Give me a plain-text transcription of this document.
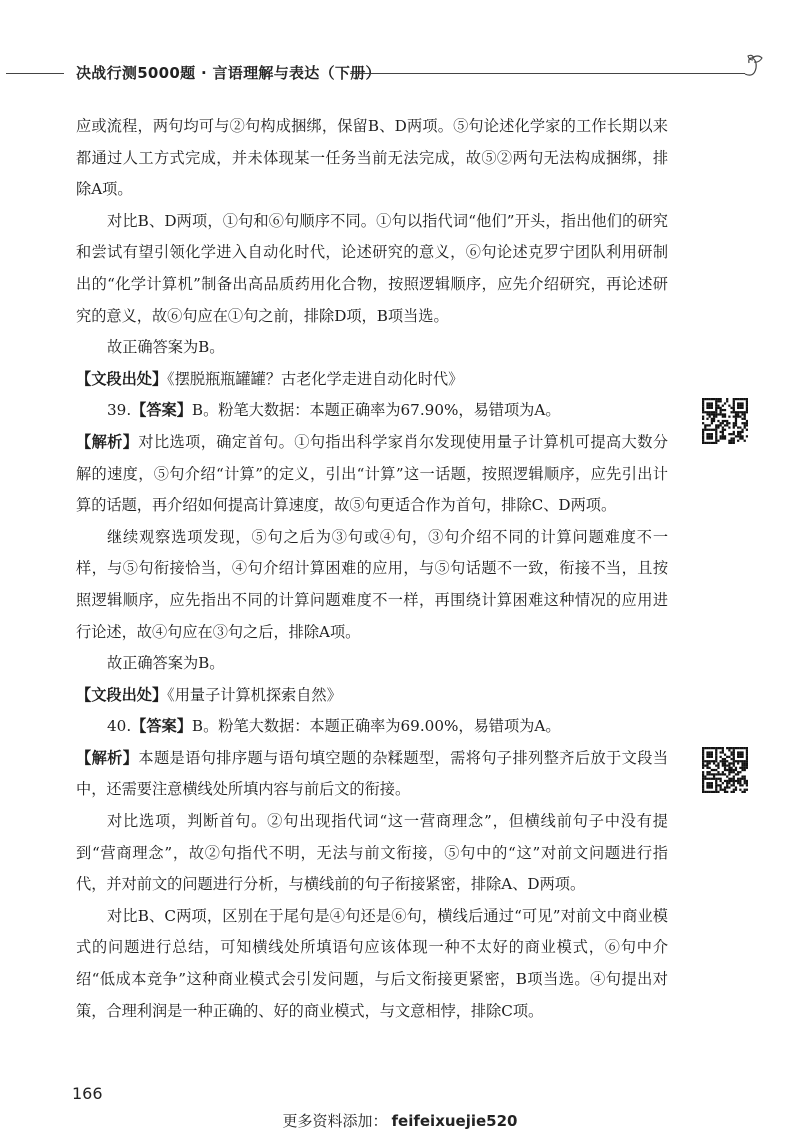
决战行测5000题 · 言语理解与表达（下册）

应或流程，两句均可与②句构成捆绑，保留B、D两项。⑤句论述化学家的工作长期以来都通过人工方式完成，并未体现某一任务当前无法完成，故⑤②两句无法构成捆绑，排除A项。

对比B、D两项，①句和⑥句顺序不同。①句以指代词“他们”开头，指出他们的研究和尝试有望引领化学进入自动化时代，论述研究的意义，⑥句论述克罗宁团队利用研制出的“化学计算机”制备出高品质药用化合物，按照逻辑顺序，应先介绍研究，再论述研究的意义，故⑥句应在①句之前，排除D项，B项当选。

故正确答案为B。

【文段出处】《摆脱瓶瓶罐罐？古老化学走进自动化时代》

39.【答案】B。粉笔大数据：本题正确率为67.90%，易错项为A。

【解析】对比选项，确定首句。①句指出科学家肖尔发现使用量子计算机可提高大数分解的速度，⑤句介绍“计算”的定义，引出“计算”这一话题，按照逻辑顺序，应先引出计算的话题，再介绍如何提高计算速度，故⑤句更适合作为首句，排除C、D两项。

继续观察选项发现，⑤句之后为③句或④句，③句介绍不同的计算问题难度不一样，与⑤句衔接恰当，④句介绍计算困难的应用，与⑤句话题不一致，衔接不当，且按照逻辑顺序，应先指出不同的计算问题难度不一样，再围绕计算困难这种情况的应用进行论述，故④句应在③句之后，排除A项。

故正确答案为B。

【文段出处】《用量子计算机探索自然》

40.【答案】B。粉笔大数据：本题正确率为69.00%，易错项为A。

【解析】本题是语句排序题与语句填空题的杂糅题型，需将句子排列整齐后放于文段当中，还需要注意横线处所填内容与前后文的衔接。

对比选项，判断首句。②句出现指代词“这一营商理念”，但横线前句子中没有提到“营商理念”，故②句指代不明，无法与前文衔接，⑤句中的“这”对前文问题进行指代，并对前文的问题进行分析，与横线前的句子衔接紧密，排除A、D两项。

对比B、C两项，区别在于尾句是④句还是⑥句，横线后通过“可见”对前文中商业模式的问题进行总结，可知横线处所填语句应该体现一种不太好的商业模式，⑥句中介绍“低成本竞争”这种商业模式会引发问题，与后文衔接更紧密，B项当选。④句提出对策，合理利润是一种正确的、好的商业模式，与文意相悖，排除C项。

166
更多资料添加： feifeixuejie520
